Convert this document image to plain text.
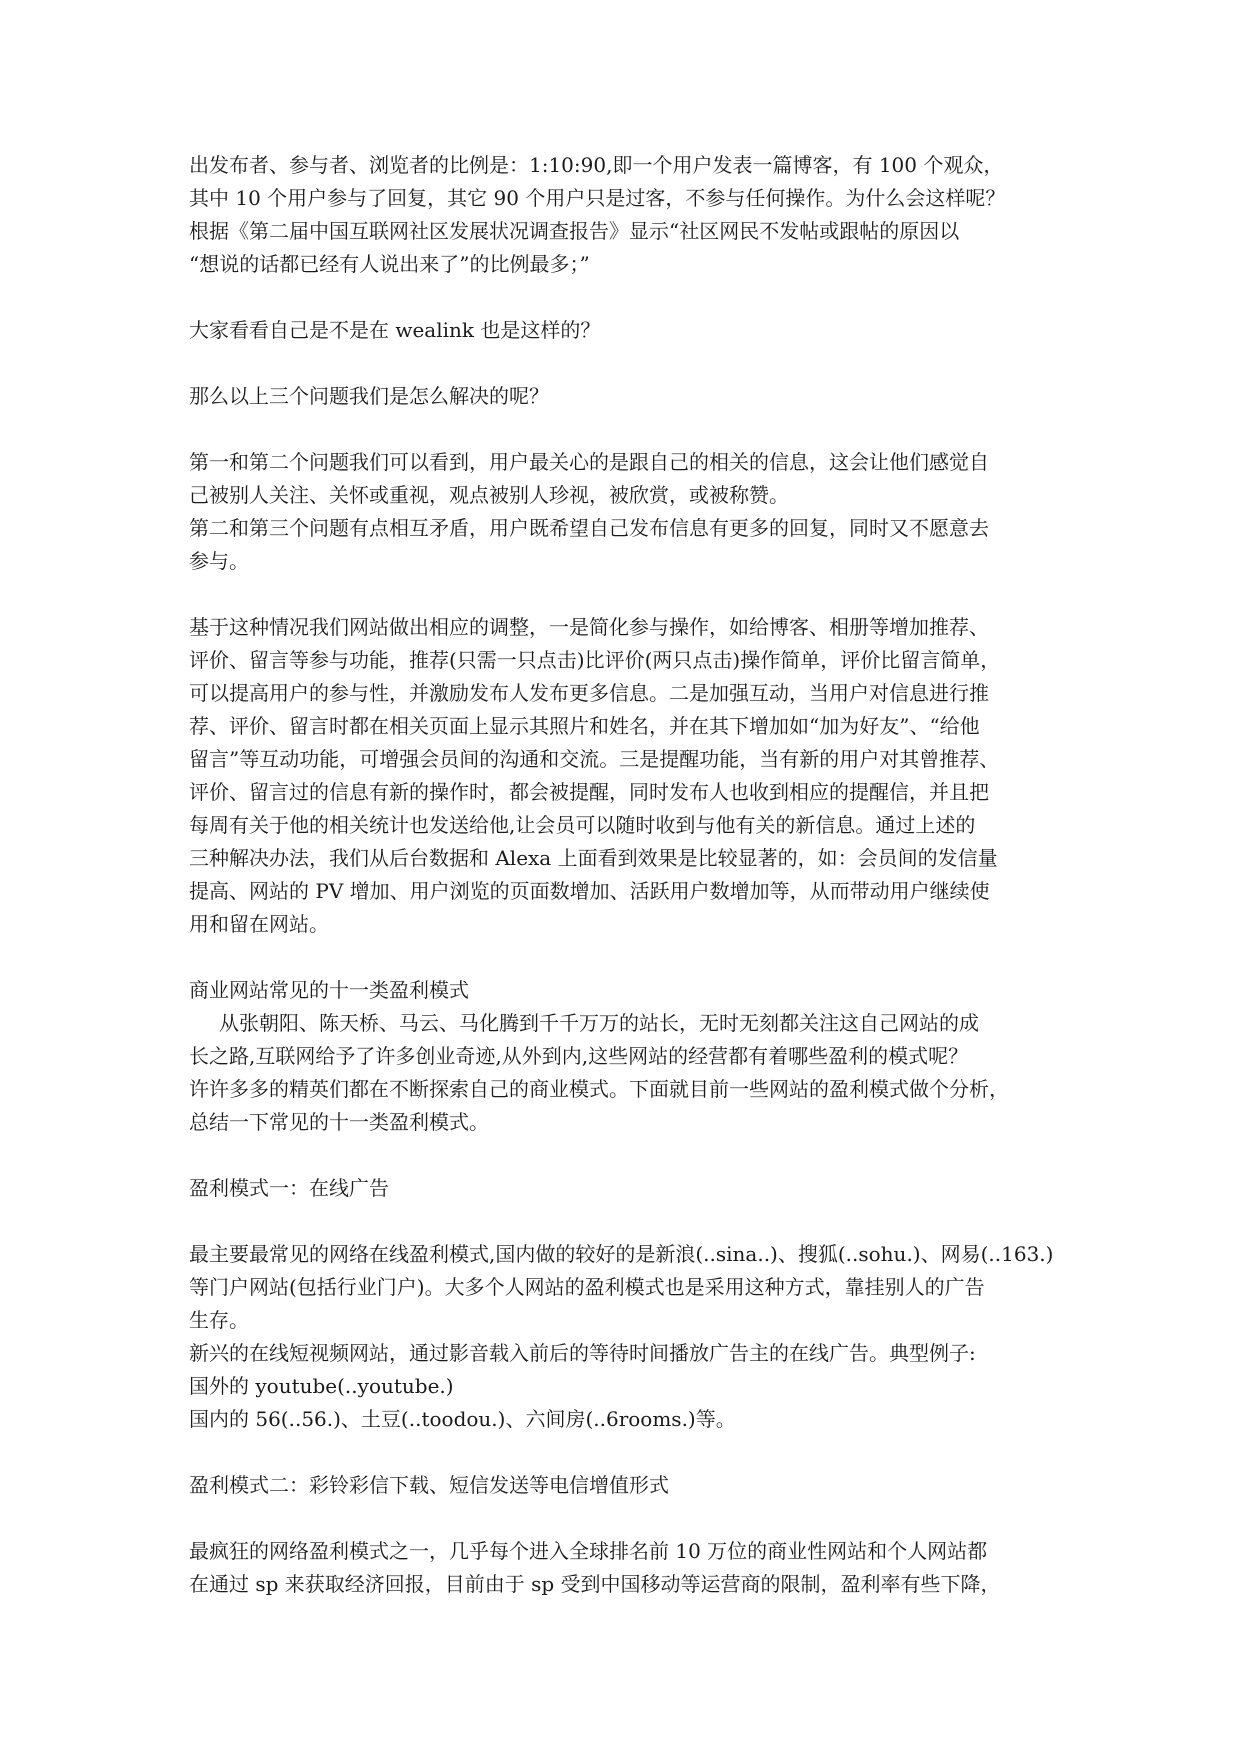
出发布者、参与者、浏览者的比例是：1:10:90,即一个用户发表一篇博客，有 100 个观众，

其中 10 个用户参与了回复，其它 90 个用户只是过客，不参与任何操作。为什么会这样呢？

根据《第二届中国互联网社区发展状况调查报告》显示“社区网民不发帖或跟帖的原因以

“想说的话都已经有人说出来了”的比例最多；”

大家看看自己是不是在 wealink 也是这样的？

那么以上三个问题我们是怎么解决的呢？

第一和第二个问题我们可以看到，用户最关心的是跟自己的相关的信息，这会让他们感觉自

己被别人关注、关怀或重视，观点被别人珍视，被欣赏，或被称赞。

第二和第三个问题有点相互矛盾，用户既希望自己发布信息有更多的回复，同时又不愿意去

参与。

基于这种情况我们网站做出相应的调整，一是简化参与操作，如给博客、相册等增加推荐、

评价、留言等参与功能，推荐(只需一只点击)比评价(两只点击)操作简单，评价比留言简单，

可以提高用户的参与性，并激励发布人发布更多信息。二是加强互动，当用户对信息进行推

荐、评价、留言时都在相关页面上显示其照片和姓名，并在其下增加如“加为好友”、“给他

留言”等互动功能，可增强会员间的沟通和交流。三是提醒功能，当有新的用户对其曾推荐、

评价、留言过的信息有新的操作时，都会被提醒，同时发布人也收到相应的提醒信，并且把

每周有关于他的相关统计也发送给他,让会员可以随时收到与他有关的新信息。通过上述的

三种解决办法，我们从后台数据和 Alexa 上面看到效果是比较显著的，如：会员间的发信量

提高、网站的 PV 增加、用户浏览的页面数增加、活跃用户数增加等，从而带动用户继续使

用和留在网站。

商业网站常见的十一类盈利模式

从张朝阳、陈天桥、马云、马化腾到千千万万的站长，无时无刻都关注这自己网站的成

长之路,互联网给予了许多创业奇迹,从外到内,这些网站的经营都有着哪些盈利的模式呢？

许许多多的精英们都在不断探索自己的商业模式。下面就目前一些网站的盈利模式做个分析，

总结一下常见的十一类盈利模式。

盈利模式一：在线广告

最主要最常见的网络在线盈利模式,国内做的较好的是新浪(..sina..)、搜狐(..sohu.)、网易(..163.)

等门户网站(包括行业门户)。大多个人网站的盈利模式也是采用这种方式，靠挂别人的广告

生存。

新兴的在线短视频网站，通过影音载入前后的等待时间播放广告主的在线广告。典型例子:

国外的 youtube(..youtube.)

国内的 56(..56.)、土豆(..toodou.)、六间房(..6rooms.)等。

盈利模式二：彩铃彩信下载、短信发送等电信增值形式

最疯狂的网络盈利模式之一，几乎每个进入全球排名前 10 万位的商业性网站和个人网站都

在通过 sp 来获取经济回报，目前由于 sp 受到中国移动等运营商的限制，盈利率有些下降，
